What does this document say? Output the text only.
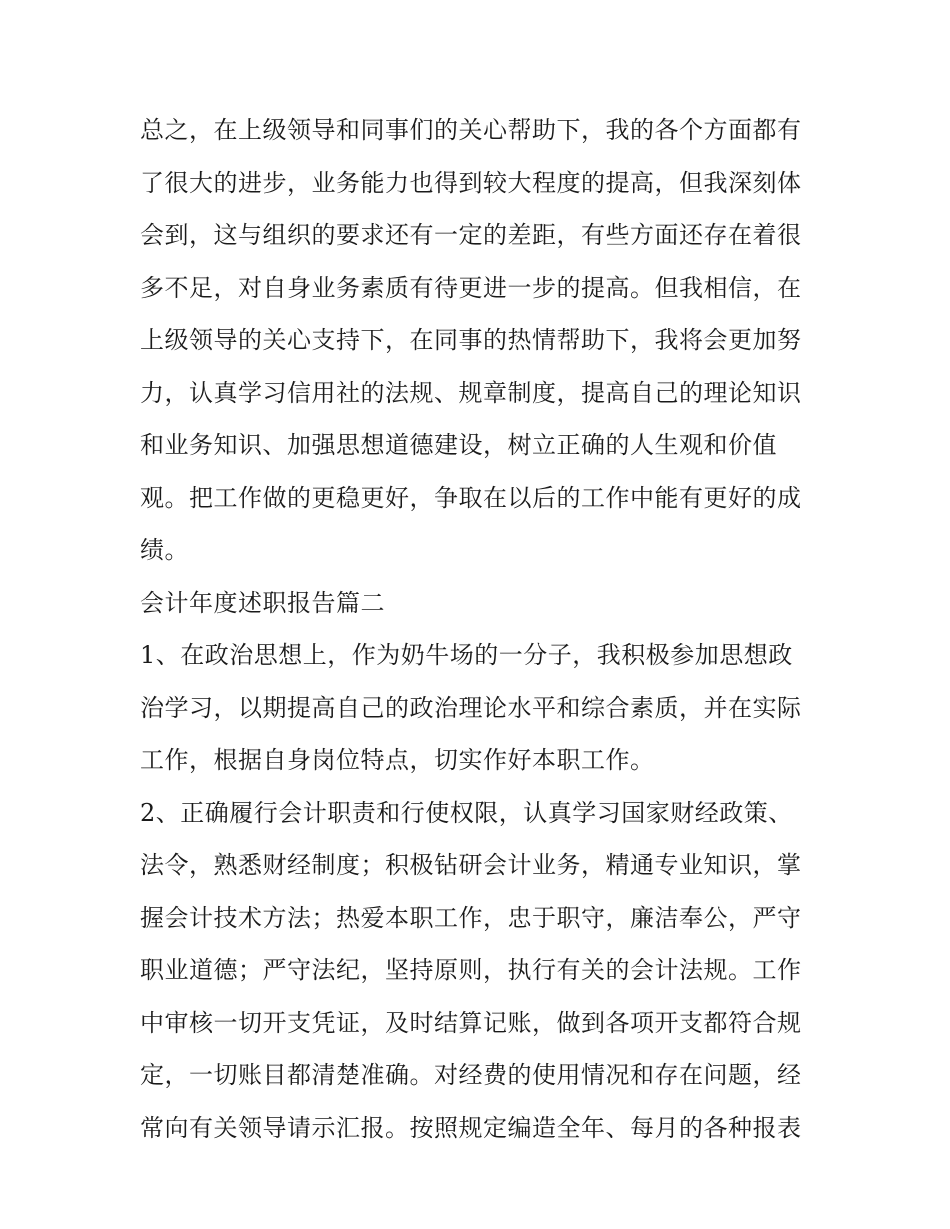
总之，在上级领导和同事们的关心帮助下，我的各个方面都有
了很大的进步，业务能力也得到较大程度的提高，但我深刻体
会到，这与组织的要求还有一定的差距，有些方面还存在着很
多不足，对自身业务素质有待更进一步的提高。但我相信，在
上级领导的关心支持下，在同事的热情帮助下，我将会更加努
力，认真学习信用社的法规、规章制度，提高自己的理论知识
和业务知识、加强思想道德建设，树立正确的人生观和价值
观。把工作做的更稳更好，争取在以后的工作中能有更好的成
绩。
会计年度述职报告篇二
1、在政治思想上，作为奶牛场的一分子，我积极参加思想政
治学习，以期提高自己的政治理论水平和综合素质，并在实际
工作，根据自身岗位特点，切实作好本职工作。
2、正确履行会计职责和行使权限，认真学习国家财经政策、
法令，熟悉财经制度；积极钻研会计业务，精通专业知识，掌
握会计技术方法；热爱本职工作，忠于职守，廉洁奉公，严守
职业道德；严守法纪，坚持原则，执行有关的会计法规。工作
中审核一切开支凭证，及时结算记账，做到各项开支都符合规
定，一切账目都清楚准确。对经费的使用情况和存在问题，经
常向有关领导请示汇报。按照规定编造全年、每月的各种报表
